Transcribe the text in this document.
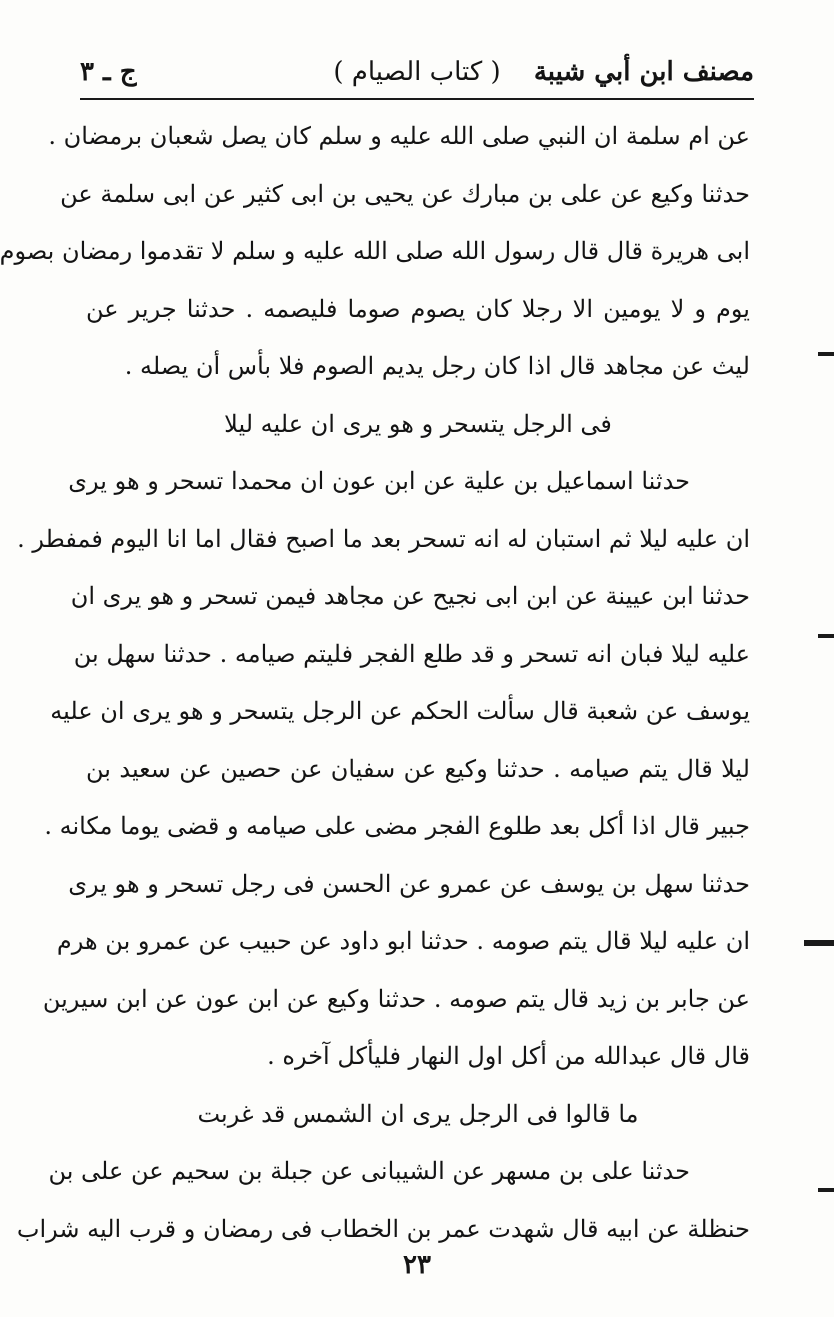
مصنف ابن أبي شيبة
( كتاب الصيام )
ج ـ ٣
عن ام سلمة ان النبي صلى الله عليه و سلم كان يصل شعبان برمضان .
حدثنا وكيع عن على بن مبارك عن يحيى بن ابى كثير عن ابى سلمة عن
ابى هريرة قال قال رسول الله صلى الله عليه و سلم لا تقدموا رمضان بصوم
يوم و لا يومين الا رجلا كان يصوم صوما فليصمه . حدثنا جرير عن
ليث عن مجاهد قال اذا كان رجل يديم الصوم فلا بأس أن يصله .
فى الرجل يتسحر و هو يرى ان عليه ليلا
حدثنا اسماعيل بن علية عن ابن عون ان محمدا تسحر و هو يرى
ان عليه ليلا ثم استبان له انه تسحر بعد ما اصبح فقال اما انا اليوم فمفطر .
حدثنا ابن عيينة عن ابن ابى نجيح عن مجاهد فيمن تسحر و هو يرى ان
عليه ليلا فبان انه تسحر و قد طلع الفجر فليتم صيامه . حدثنا سهل بن
يوسف عن شعبة قال سألت الحكم عن الرجل يتسحر و هو يرى ان عليه
ليلا قال يتم صيامه . حدثنا وكيع عن سفيان عن حصين عن سعيد بن
جبير قال اذا أكل بعد طلوع الفجر مضى على صيامه و قضى يوما مكانه .
حدثنا سهل بن يوسف عن عمرو عن الحسن فى رجل تسحر و هو يرى
ان عليه ليلا قال يتم صومه . حدثنا ابو داود عن حبيب عن عمرو بن هرم
عن جابر بن زيد قال يتم صومه . حدثنا وكيع عن ابن عون عن ابن سيرين
قال قال عبدالله من أكل اول النهار فليأكل آخره .
ما قالوا فى الرجل يرى ان الشمس قد غربت
حدثنا على بن مسهر عن الشيبانى عن جبلة بن سحيم عن على بن
حنظلة عن ابيه قال شهدت عمر بن الخطاب فى رمضان و قرب اليه شراب
٢٣
